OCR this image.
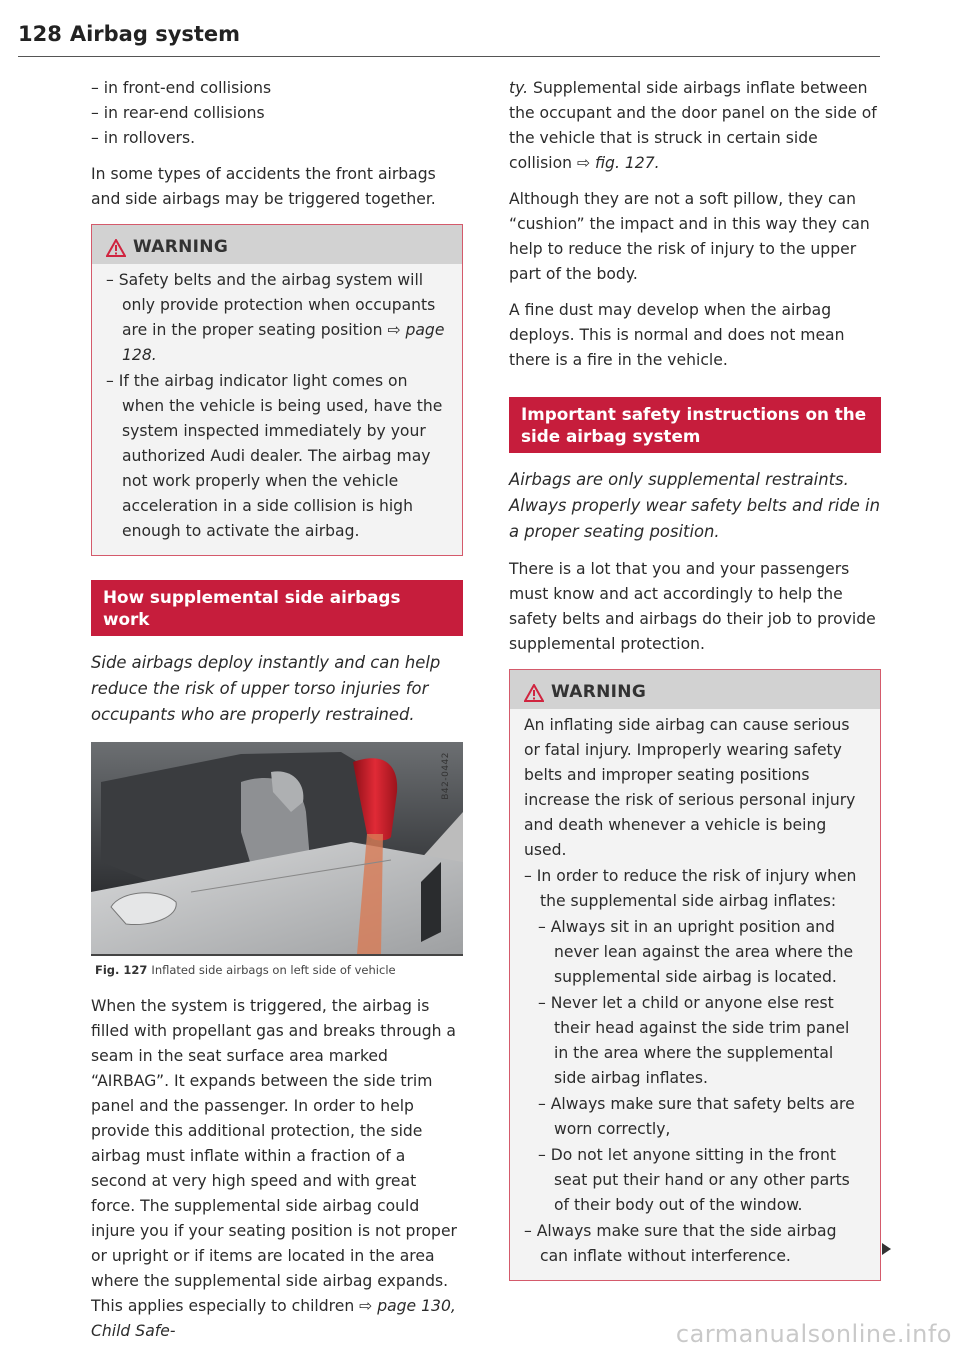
128 Airbag system
– in front-end collisions
– in rear-end collisions
– in rollovers.

In some types of accidents the front airbags and side airbags may be triggered together.

WARNING
– Safety belts and the airbag system will only provide protection when occupants are in the proper seating position ⇨ page 128.
– If the airbag indicator light comes on when the vehicle is being used, have the system inspected immediately by your authorized Audi dealer. The airbag may not work properly when the vehicle acceleration in a side collision is high enough to activate the airbag.
How supplemental side airbags work
Side airbags deploy instantly and can help reduce the risk of upper torso injuries for occupants who are properly restrained.
B42-0442
Fig. 127 Inflated side airbags on left side of vehicle

When the system is triggered, the airbag is filled with propellant gas and breaks through a seam in the seat surface area marked “AIRBAG”. It expands between the side trim panel and the passenger. In order to help provide this additional protection, the side airbag must inflate within a fraction of a second at very high speed and with great force. The supplemental side airbag could injure you if your seating position is not proper or upright or if items are located in the area where the supplemental side airbag expands. This applies especially to children ⇨ page 130, Child Safe-

ty. Supplemental side airbags inflate between the occupant and the door panel on the side of the vehicle that is struck in certain side collision ⇨ fig. 127.

Although they are not a soft pillow, they can “cushion” the impact and in this way they can help to reduce the risk of injury to the upper part of the body.

A fine dust may develop when the airbag deploys. This is normal and does not mean there is a fire in the vehicle.

Important safety instructions on the side airbag system
Airbags are only supplemental restraints. Always properly wear safety belts and ride in a proper seating position.

There is a lot that you and your passengers must know and act accordingly to help the safety belts and airbags do their job to provide supplemental protection.

WARNING
An inflating side airbag can cause serious or fatal injury. Improperly wearing safety belts and improper seating positions increase the risk of serious personal injury and death whenever a vehicle is being used.
– In order to reduce the risk of injury when the supplemental side airbag inflates:
– Always sit in an upright position and never lean against the area where the supplemental side airbag is located.
– Never let a child or anyone else rest their head against the side trim panel in the area where the supplemental side airbag inflates.
– Always make sure that safety belts are worn correctly,
– Do not let anyone sitting in the front seat put their hand or any other parts of their body out of the window.
– Always make sure that the side airbag can inflate without interference.
carmanualsonline.info
